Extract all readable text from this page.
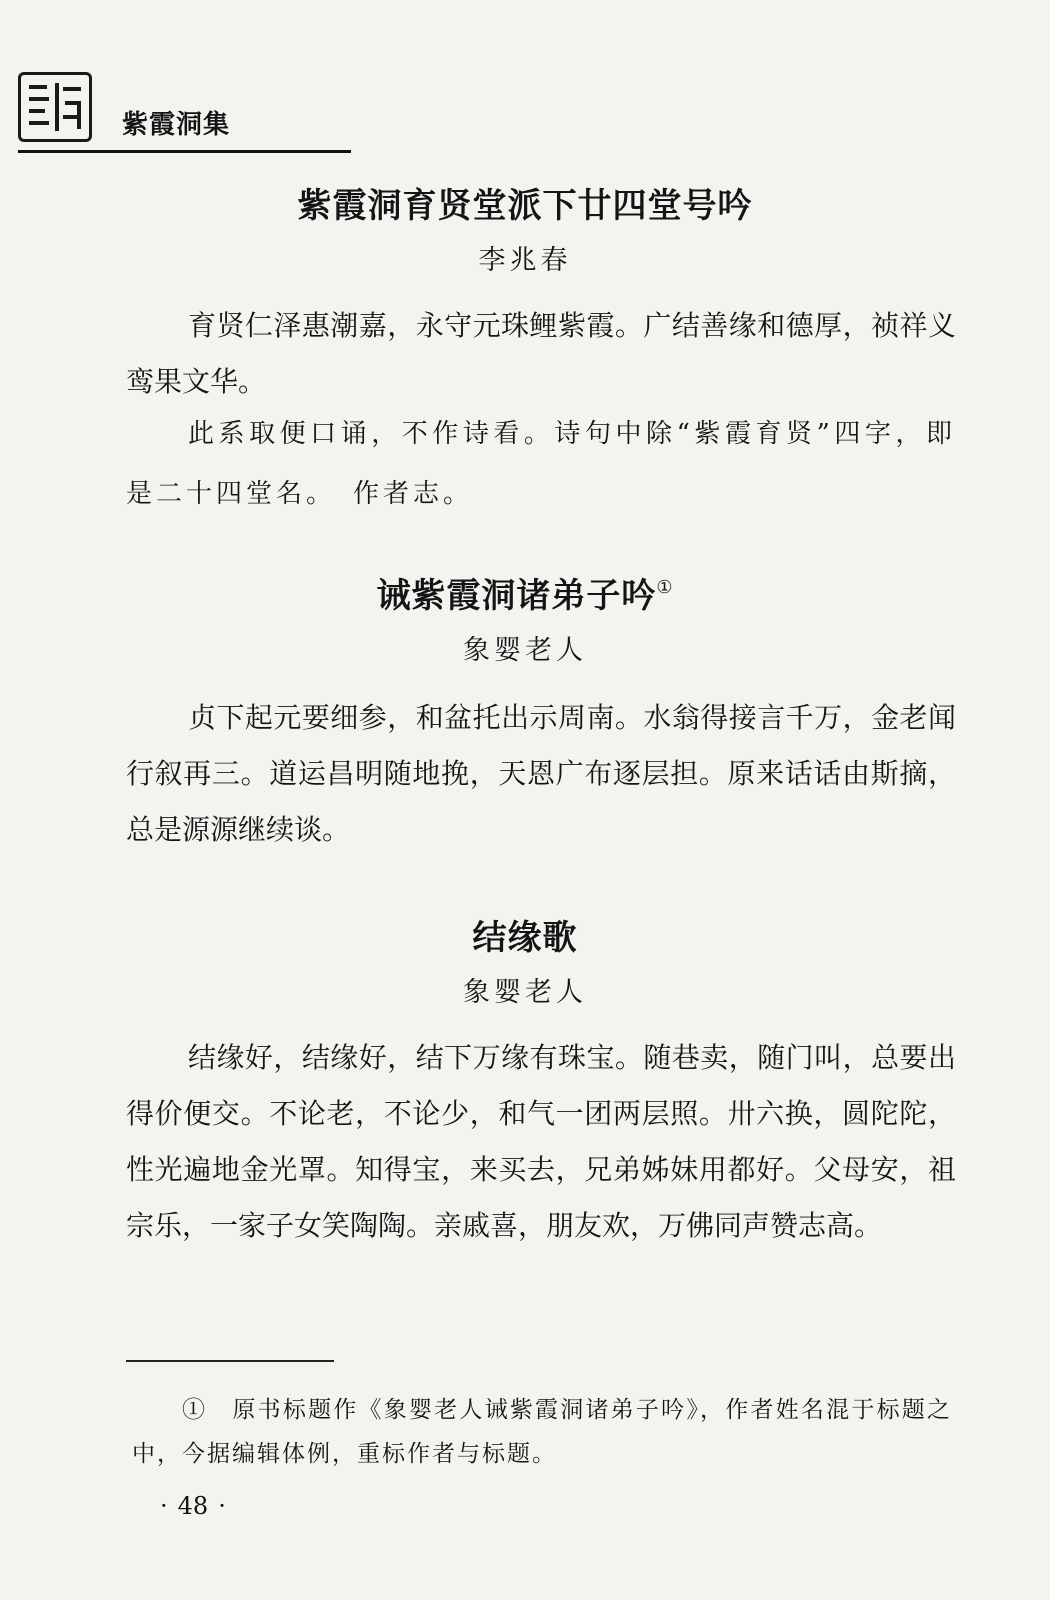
紫霞洞集
紫霞洞育贤堂派下廿四堂号吟
李兆春

育贤仁泽惠潮嘉，永守元珠鲤紫霞。广结善缘和德厚，祯祥义鸾果文华。

此系取便口诵，不作诗看。诗句中除“紫霞育贤”四字，即是二十四堂名。　作者志。

诫紫霞洞诸弟子吟①
象婴老人

贞下起元要细参，和盆托出示周南。水翁得接言千万，金老闻行叙再三。道运昌明随地挽，天恩广布逐层担。原来话话由斯摘，总是源源继续谈。

结缘歌
象婴老人

结缘好，结缘好，结下万缘有珠宝。随巷卖，随门叫，总要出得价便交。不论老，不论少，和气一团两层照。卅六换，圆陀陀，性光遍地金光罩。知得宝，来买去，兄弟姊妹用都好。父母安，祖宗乐，一家子女笑陶陶。亲戚喜，朋友欢，万佛同声赞志高。

①　 原书标题作《象婴老人诫紫霞洞诸弟子吟》，作者姓名混于标题之中，今据编辑体例，重标作者与标题。

· 48 ·
